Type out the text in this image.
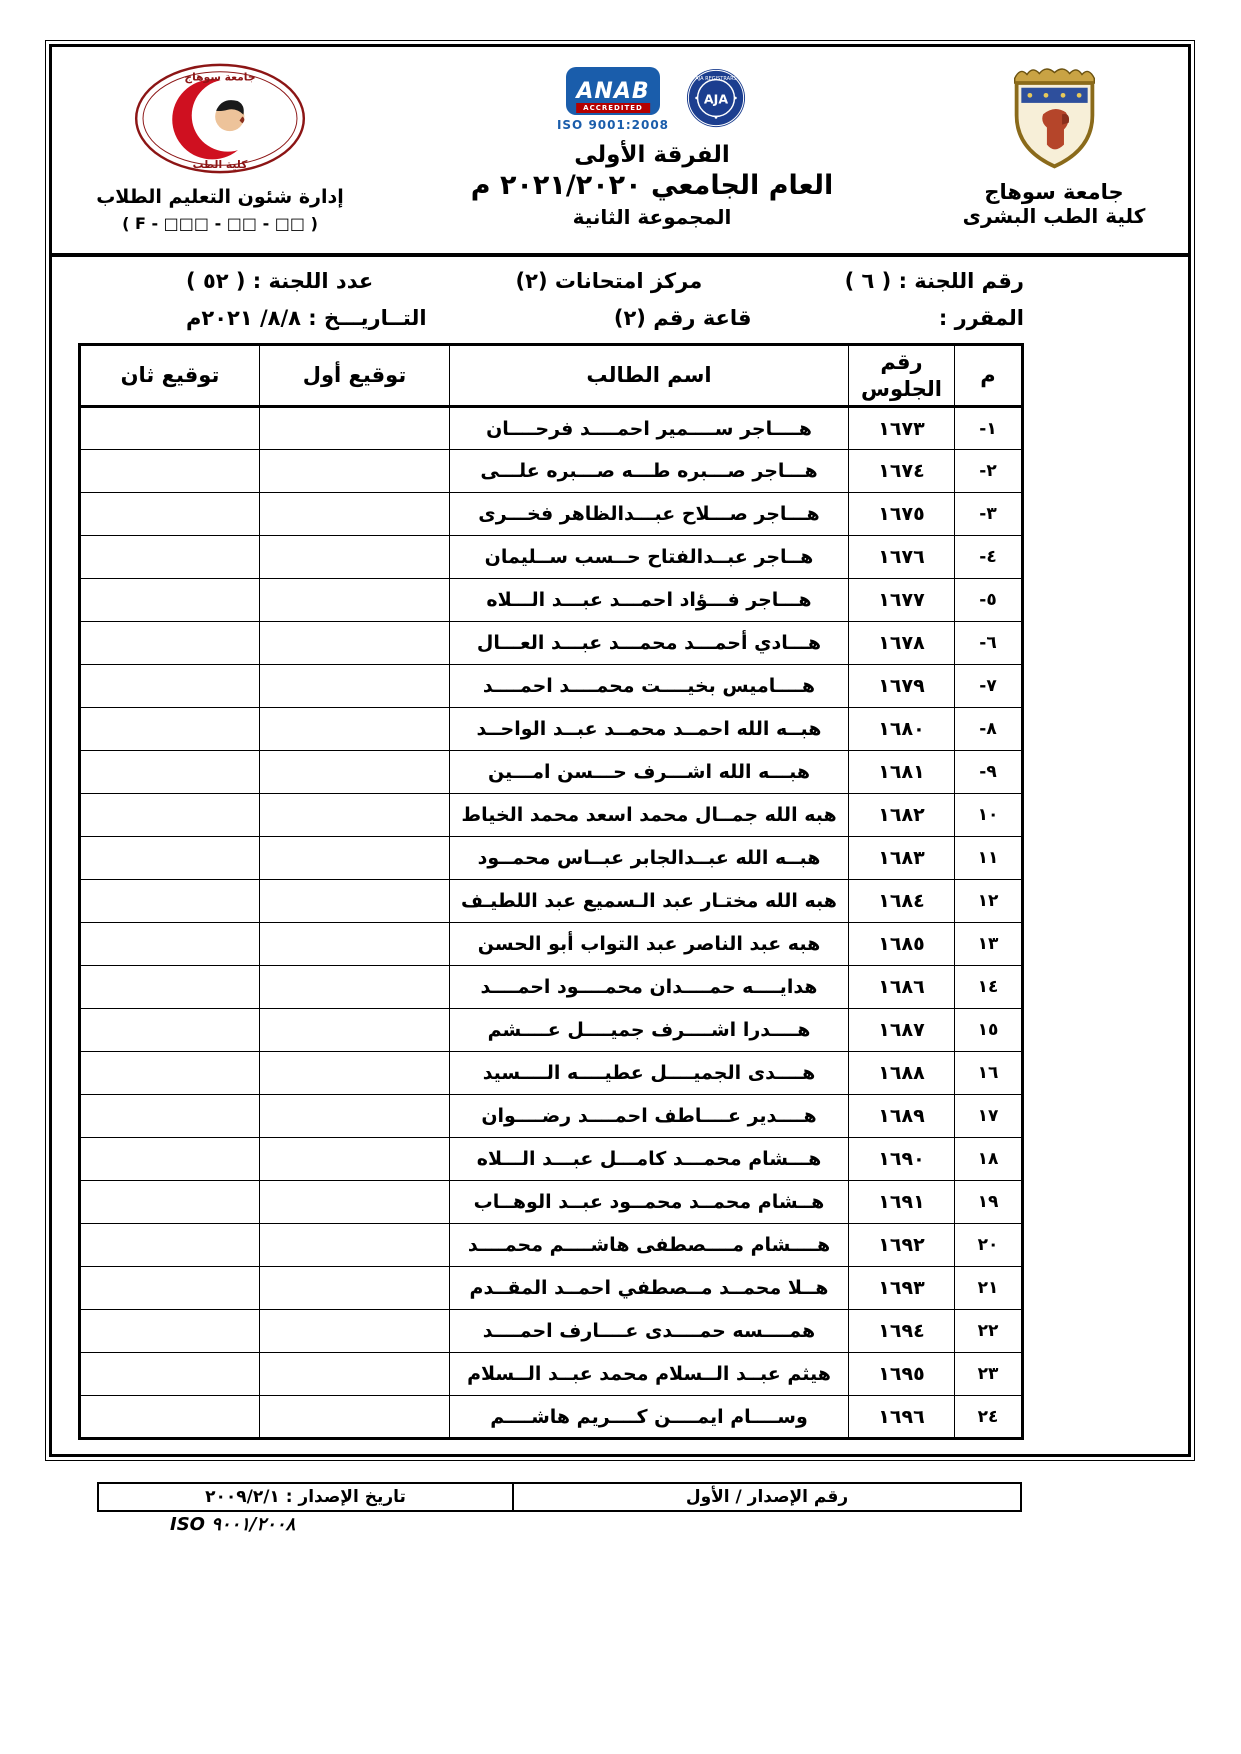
جامعة سوهاج
كلية الطب البشرى
ANAB
ACCREDITED
ISO 9001:2008
AJA REGISTRARS
AJA
الفرقة الأولى
العام الجامعي ٢٠٢١/٢٠٢٠ م
المجموعة الثانية
جامعة سوهاج
كلية الطب
إدارة شئون التعليم الطلاب
( F - □□□ - □□ - □□ )
رقم اللجنة : ( ٦ )
مركز امتحانات (٢)
عدد اللجنة : ( ٥٢ )
المقرر :
قاعة رقم (٢)
التــاريـــخ : ٨/٨/ ٢٠٢١م
م	رقم الجلوس	اسم الطالب	توقيع أول	توقيع ثان
١-	١٦٧٣	هــــاجر ســــمير احمــــد فرحــــان		
٢-	١٦٧٤	هـــاجر صـــبره طـــه صـــبره علـــى		
٣-	١٦٧٥	هـــاجر صـــلاح عبـــدالظاهر فخـــرى		
٤-	١٦٧٦	هــاجر عبــدالفتاح حــسب ســليمان		
٥-	١٦٧٧	هـــاجر فـــؤاد احمـــد عبـــد الـــلاه		
٦-	١٦٧٨	هـــادي أحمـــد محمـــد عبـــد العـــال		
٧-	١٦٧٩	هــــاميس بخيــــت محمــــد احمــــد		
٨-	١٦٨٠	هبــه الله احمــد محمــد عبــد الواحــد		
٩-	١٦٨١	هبـــه الله اشـــرف حـــسن امـــين		
١٠	١٦٨٢	هبه الله جمــال محمد اسعد محمد الخياط		
١١	١٦٨٣	هبــه الله عبــدالجابر عبــاس محمــود		
١٢	١٦٨٤	هبه الله مختـار عبد الـسميع عبد اللطيـف		
١٣	١٦٨٥	هبه عبد الناصر عبد التواب أبو الحسن		
١٤	١٦٨٦	هدايــــه حمــــدان محمــــود احمــــد		
١٥	١٦٨٧	هــــدرا اشــــرف جميــــل عــــشم		
١٦	١٦٨٨	هــــدى الجميــــل عطيــــه الــــسيد		
١٧	١٦٨٩	هــــدير عــــاطف احمــــد رضــــوان		
١٨	١٦٩٠	هـــشام محمـــد كامـــل عبـــد الـــلاه		
١٩	١٦٩١	هــشام محمــد محمــود عبــد الوهــاب		
٢٠	١٦٩٢	هــــشام مــــصطفى هاشــــم محمــــد		
٢١	١٦٩٣	هــلا محمــد مــصطفي احمــد المقــدم		
٢٢	١٦٩٤	همــــسه حمــــدى عــــارف احمــــد		
٢٣	١٦٩٥	هيثم عبــد الــسلام محمد عبــد الــسلام		
٢٤	١٦٩٦	وســــام ايمــــن كــــريم هاشــــم		
رقم الإصدار / الأول
تاريخ الإصدار : ٢٠٠٩/٢/١
ISO ٩٠٠١/٢٠٠٨
